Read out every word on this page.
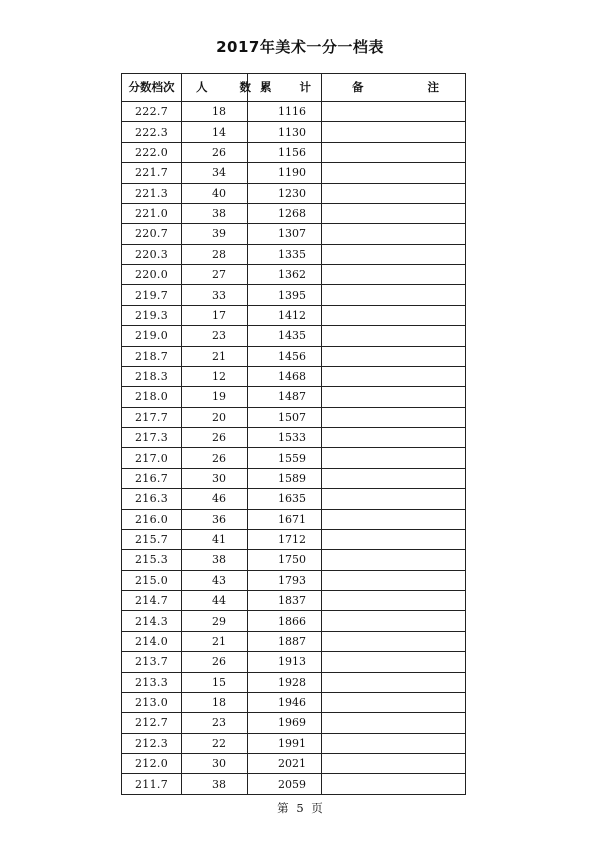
2017年美术一分一档表
分数档次	人 数	累 计	备 注
222.7	18	1116	
222.3	14	1130	
222.0	26	1156	
221.7	34	1190	
221.3	40	1230	
221.0	38	1268	
220.7	39	1307	
220.3	28	1335	
220.0	27	1362	
219.7	33	1395	
219.3	17	1412	
219.0	23	1435	
218.7	21	1456	
218.3	12	1468	
218.0	19	1487	
217.7	20	1507	
217.3	26	1533	
217.0	26	1559	
216.7	30	1589	
216.3	46	1635	
216.0	36	1671	
215.7	41	1712	
215.3	38	1750	
215.0	43	1793	
214.7	44	1837	
214.3	29	1866	
214.0	21	1887	
213.7	26	1913	
213.3	15	1928	
213.0	18	1946	
212.7	23	1969	
212.3	22	1991	
212.0	30	2021	
211.7	38	2059	
第 5 页
